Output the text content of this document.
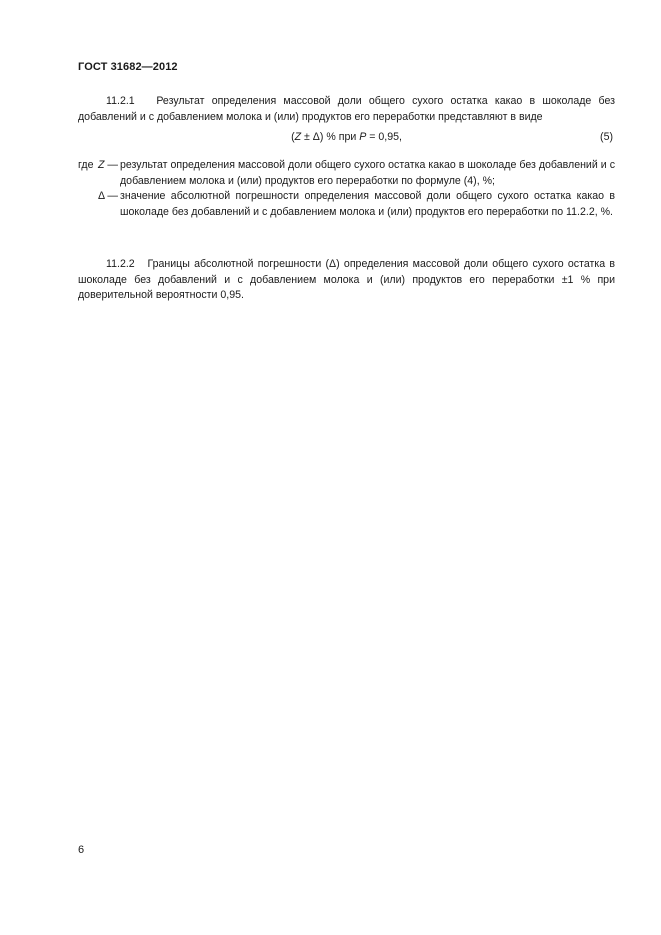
ГОСТ 31682—2012
11.2.1 Результат определения массовой доли общего сухого остатка какао в шоколаде без добавлений и с добавлением молока и (или) продуктов его переработки представляют в виде
(Z ± Δ) % при P = 0,95,	(5)
где Z — результат определения массовой доли общего сухого остатка какао в шоколаде без добавлений и с добавлением молока и (или) продуктов его переработки по формуле (4), %;
Δ — значение абсолютной погрешности определения массовой доли общего сухого остатка какао в шоколаде без добавлений и с добавлением молока и (или) продуктов его переработки по 11.2.2, %.
11.2.2 Границы абсолютной погрешности (Δ) определения массовой доли общего сухого остатка в шоколаде без добавлений и с добавлением молока и (или) продуктов его переработки ±1 % при доверительной вероятности 0,95.
6
